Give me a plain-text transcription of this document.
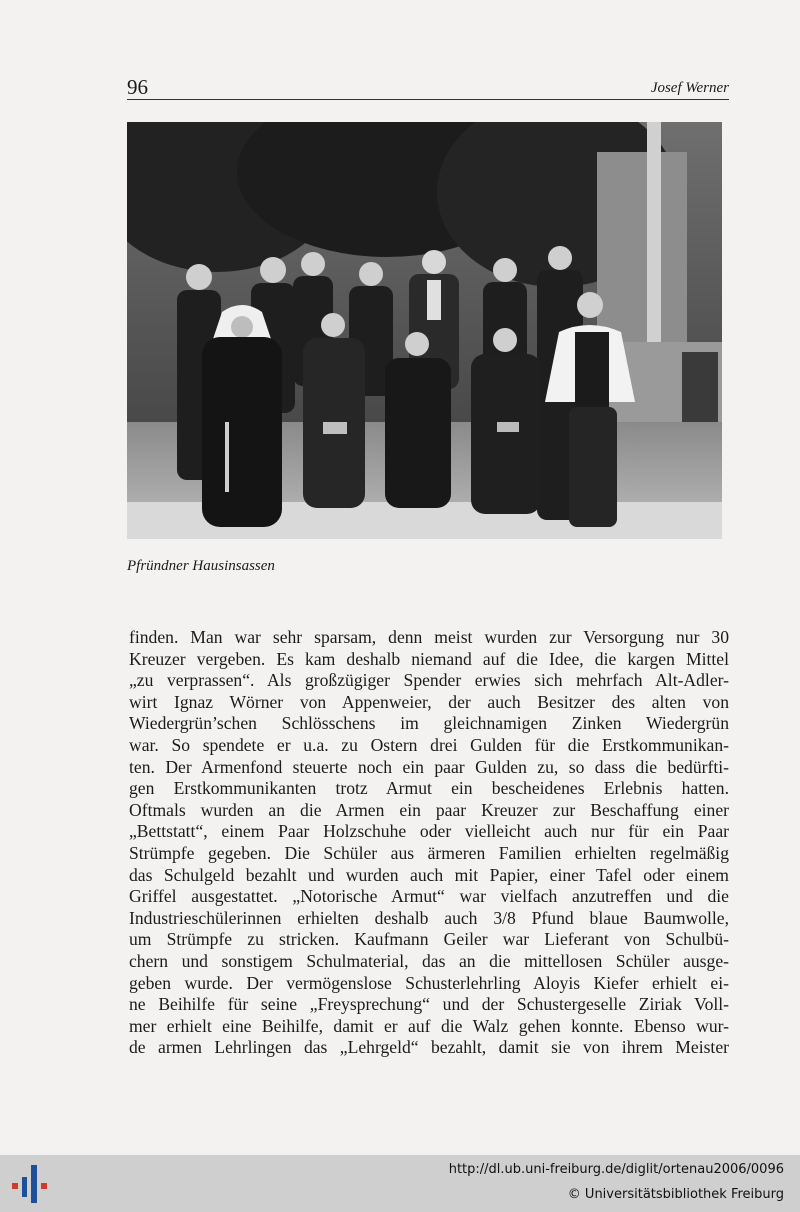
96	Josef Werner
Pfründner Hausinsassen
finden. Man war sehr sparsam, denn meist wurden zur Versorgung nur 30
Kreuzer vergeben. Es kam deshalb niemand auf die Idee, die kargen Mittel
„zu verprassen“. Als großzügiger Spender erwies sich mehrfach Alt-Adler-
wirt Ignaz Wörner von Appenweier, der auch Besitzer des alten von
Wiedergrün’schen Schlösschens im gleichnamigen Zinken Wiedergrün
war. So spendete er u.a. zu Ostern drei Gulden für die Erstkommunikan-
ten. Der Armenfond steuerte noch ein paar Gulden zu, so dass die bedürfti-
gen Erstkommunikanten trotz Armut ein bescheidenes Erlebnis hatten.
Oftmals wurden an die Armen ein paar Kreuzer zur Beschaffung einer
„Bettstatt“, einem Paar Holzschuhe oder vielleicht auch nur für ein Paar
Strümpfe gegeben. Die Schüler aus ärmeren Familien erhielten regelmäßig
das Schulgeld bezahlt und wurden auch mit Papier, einer Tafel oder einem
Griffel ausgestattet. „Notorische Armut“ war vielfach anzutreffen und die
Industrieschülerinnen erhielten deshalb auch 3/8 Pfund blaue Baumwolle,
um Strümpfe zu stricken. Kaufmann Geiler war Lieferant von Schulbü-
chern und sonstigem Schulmaterial, das an die mittellosen Schüler ausge-
geben wurde. Der vermögenslose Schusterlehrling Aloyis Kiefer erhielt ei-
ne Beihilfe für seine „Freysprechung“ und der Schustergeselle Ziriak Voll-
mer erhielt eine Beihilfe, damit er auf die Walz gehen konnte. Ebenso wur-
de armen Lehrlingen das „Lehrgeld“ bezahlt, damit sie von ihrem Meister
http://dl.ub.uni-freiburg.de/diglit/ortenau2006/0096
© Universitätsbibliothek Freiburg
